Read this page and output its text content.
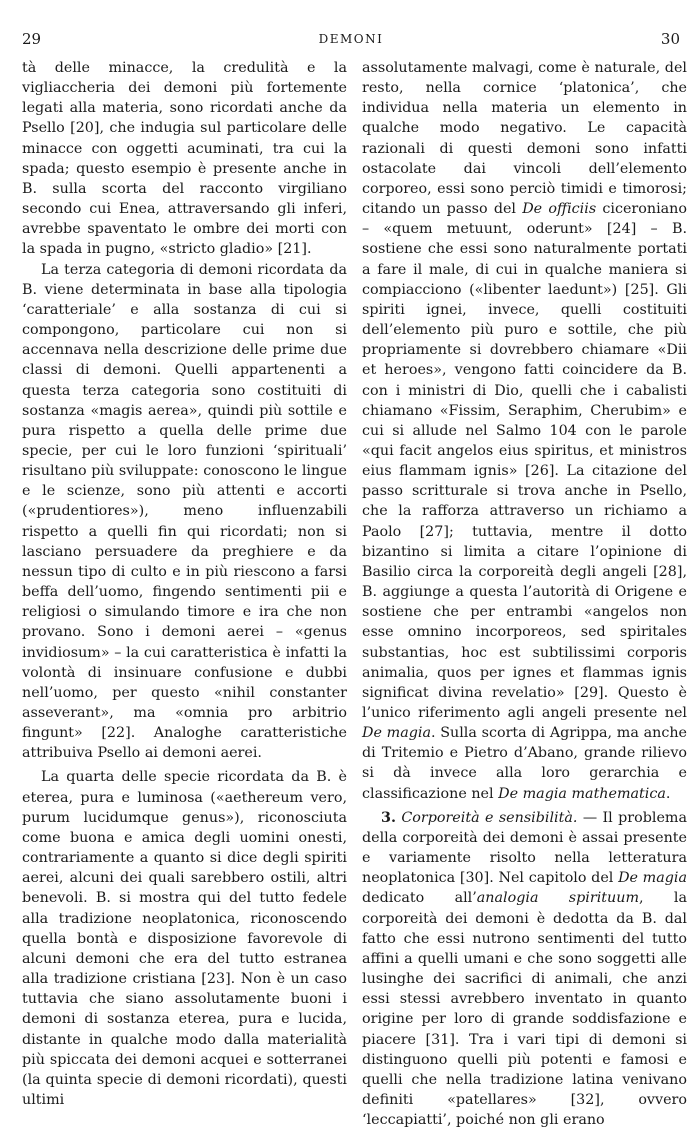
29	DEMONI	30

tà delle minacce, la credulità e la vigliaccheria dei demoni più fortemente legati alla materia, sono ricordati anche da Psello [20], che indugia sul particolare delle minacce con oggetti acuminati, tra cui la spada; questo esempio è presente anche in B. sulla scorta del racconto virgiliano secondo cui Enea, attraversando gli inferi, avrebbe spaventato le ombre dei morti con la spada in pugno, «stricto gladio» [21].

La terza categoria di demoni ricordata da B. viene determinata in base alla tipologia ‘caratteriale’ e alla sostanza di cui si compongono, particolare cui non si accennava nella descrizione delle prime due classi di demoni. Quelli appartenenti a questa terza categoria sono costituiti di sostanza «magis aerea», quindi più sottile e pura rispetto a quella delle prime due specie, per cui le loro funzioni ‘spirituali’ risultano più sviluppate: conoscono le lingue e le scienze, sono più attenti e accorti («prudentiores»), meno influenzabili rispetto a quelli fin qui ricordati; non si lasciano persuadere da preghiere e da nessun tipo di culto e in più riescono a farsi beffa dell’uomo, fingendo sentimenti pii e religiosi o simulando timore e ira che non provano. Sono i demoni aerei – «genus invidiosum» – la cui caratteristica è infatti la volontà di insinuare confusione e dubbi nell’uomo, per questo «nihil constanter asseverant», ma «omnia pro arbitrio fingunt» [22]. Analoghe caratteristiche attribuiva Psello ai demoni aerei.

La quarta delle specie ricordata da B. è eterea, pura e luminosa («aethereum vero, purum lucidumque genus»), riconosciuta come buona e amica degli uomini onesti, contrariamente a quanto si dice degli spiriti aerei, alcuni dei quali sarebbero ostili, altri benevoli. B. si mostra qui del tutto fedele alla tradizione neoplatonica, riconoscendo quella bontà e disposizione favorevole di alcuni demoni che era del tutto estranea alla tradizione cristiana [23]. Non è un caso tuttavia che siano assolutamente buoni i demoni di sostanza eterea, pura e lucida, distante in qualche modo dalla materialità più spiccata dei demoni acquei e sotterranei (la quinta specie di demoni ricordati), questi ultimi

assolutamente malvagi, come è naturale, del resto, nella cornice ‘platonica’, che individua nella materia un elemento in qualche modo negativo. Le capacità razionali di questi demoni sono infatti ostacolate dai vincoli dell’elemento corporeo, essi sono perciò timidi e timorosi; citando un passo del De officiis ciceroniano – «quem metuunt, oderunt» [24] – B. sostiene che essi sono naturalmente portati a fare il male, di cui in qualche maniera si compiacciono («libenter laedunt») [25]. Gli spiriti ignei, invece, quelli costituiti dell’elemento più puro e sottile, che più propriamente si dovrebbero chiamare «Dii et heroes», vengono fatti coincidere da B. con i ministri di Dio, quelli che i cabalisti chiamano «Fissim, Seraphim, Cherubim» e cui si allude nel Salmo 104 con le parole «qui facit angelos eius spiritus, et ministros eius flammam ignis» [26]. La citazione del passo scritturale si trova anche in Psello, che la rafforza attraverso un richiamo a Paolo [27]; tuttavia, mentre il dotto bizantino si limita a citare l’opinione di Basilio circa la corporeità degli angeli [28], B. aggiunge a questa l’autorità di Origene e sostiene che per entrambi «angelos non esse omnino incorporeos, sed spiritales substantias, hoc est subtilissimi corporis animalia, quos per ignes et flammas ignis significat divina revelatio» [29]. Questo è l’unico riferimento agli angeli presente nel De magia. Sulla scorta di Agrippa, ma anche di Tritemio e Pietro d’Abano, grande rilievo si dà invece alla loro gerarchia e classificazione nel De magia mathematica.

3. Corporeità e sensibilità. — Il problema della corporeità dei demoni è assai presente e variamente risolto nella letteratura neoplatonica [30]. Nel capitolo del De magia dedicato all’analogia spirituum, la corporeità dei demoni è dedotta da B. dal fatto che essi nutrono sentimenti del tutto affini a quelli umani e che sono soggetti alle lusinghe dei sacrifici di animali, che anzi essi stessi avrebbero inventato in quanto origine per loro di grande soddisfazione e piacere [31]. Tra i vari tipi di demoni si distinguono quelli più potenti e famosi e quelli che nella tradizione latina venivano definiti «patellares» [32], ovvero ‘leccapiatti’, poiché non gli erano
